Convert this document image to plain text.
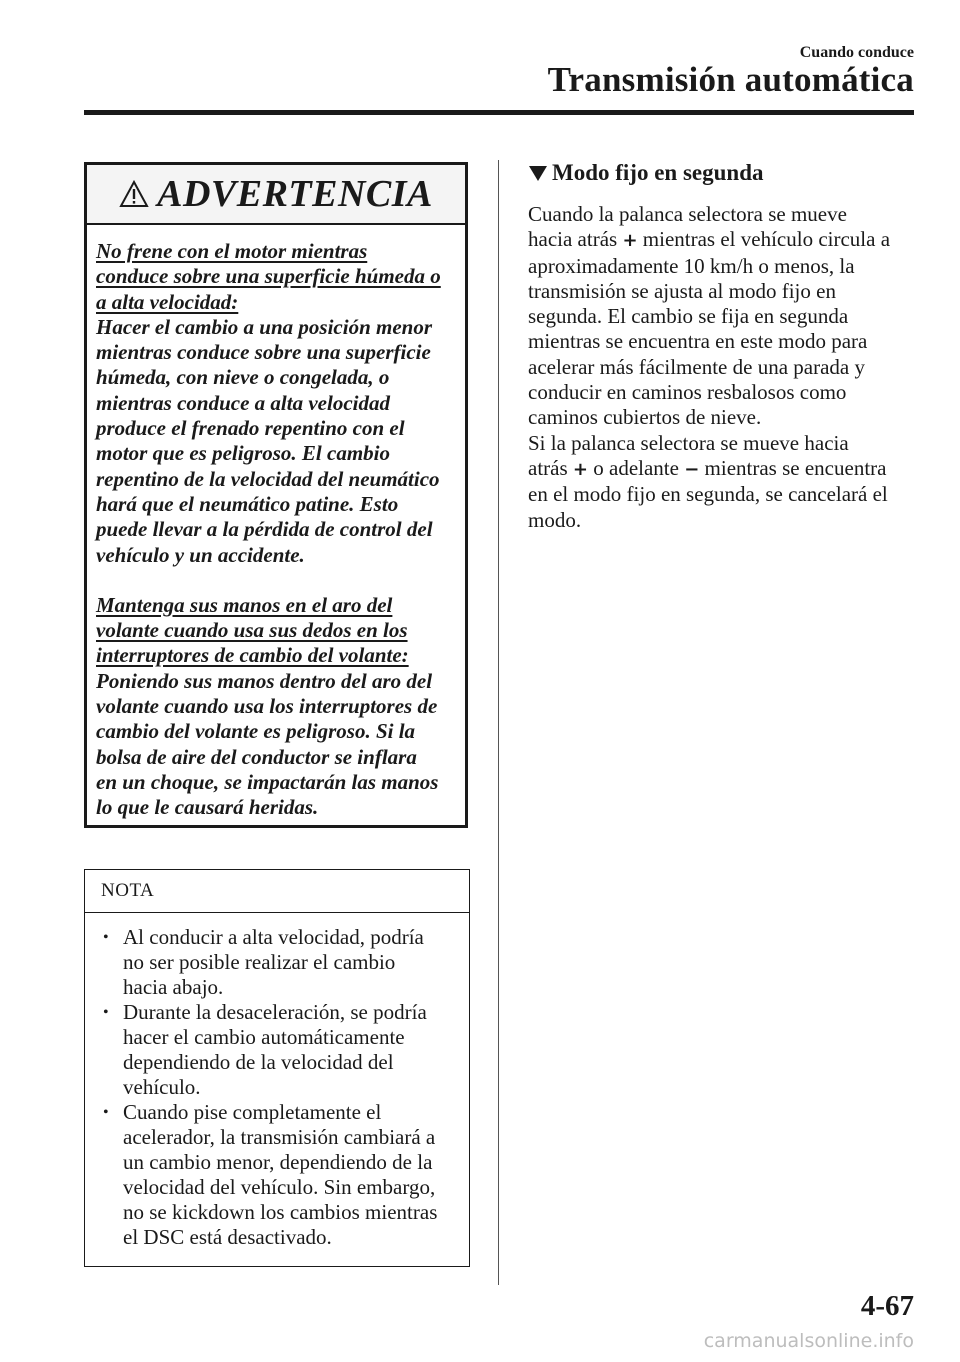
Cuando conduce
Transmisión automática
ADVERTENCIA

No frene con el motor mientras

conduce sobre una superficie húmeda o

a alta velocidad:

Hacer el cambio a una posición menor

mientras conduce sobre una superficie

húmeda, con nieve o congelada, o

mientras conduce a alta velocidad

produce el frenado repentino con el

motor que es peligroso. El cambio

repentino de la velocidad del neumático

hará que el neumático patine. Esto

puede llevar a la pérdida de control del

vehículo y un accidente.

Mantenga sus manos en el aro del

volante cuando usa sus dedos en los

interruptores de cambio del volante:

Poniendo sus manos dentro del aro del

volante cuando usa los interruptores de

cambio del volante es peligroso. Si la

bolsa de aire del conductor se inflara

en un choque, se impactarán las manos

lo que le causará heridas.

NOTA
• Al conducir a alta velocidad, podría
no ser posible realizar el cambio
hacia abajo.
• Durante la desaceleración, se podría
hacer el cambio automáticamente
dependiendo de la velocidad del
vehículo.
• Cuando pise completamente el
acelerador, la transmisión cambiará a
un cambio menor, dependiendo de la
velocidad del vehículo. Sin embargo,
no se kickdown los cambios mientras
el DSC está desactivado.
Modo fijo en segunda

Cuando la palanca selectora se mueve

hacia atrás + mientras el vehículo circula a

aproximadamente 10 km/h o menos, la

transmisión se ajusta al modo fijo en

segunda. El cambio se fija en segunda

mientras se encuentra en este modo para

acelerar más fácilmente de una parada y

conducir en caminos resbalosos como

caminos cubiertos de nieve.

Si la palanca selectora se mueve hacia

atrás + o adelante − mientras se encuentra

en el modo fijo en segunda, se cancelará el

modo.

4-67
carmanualsonline.info
